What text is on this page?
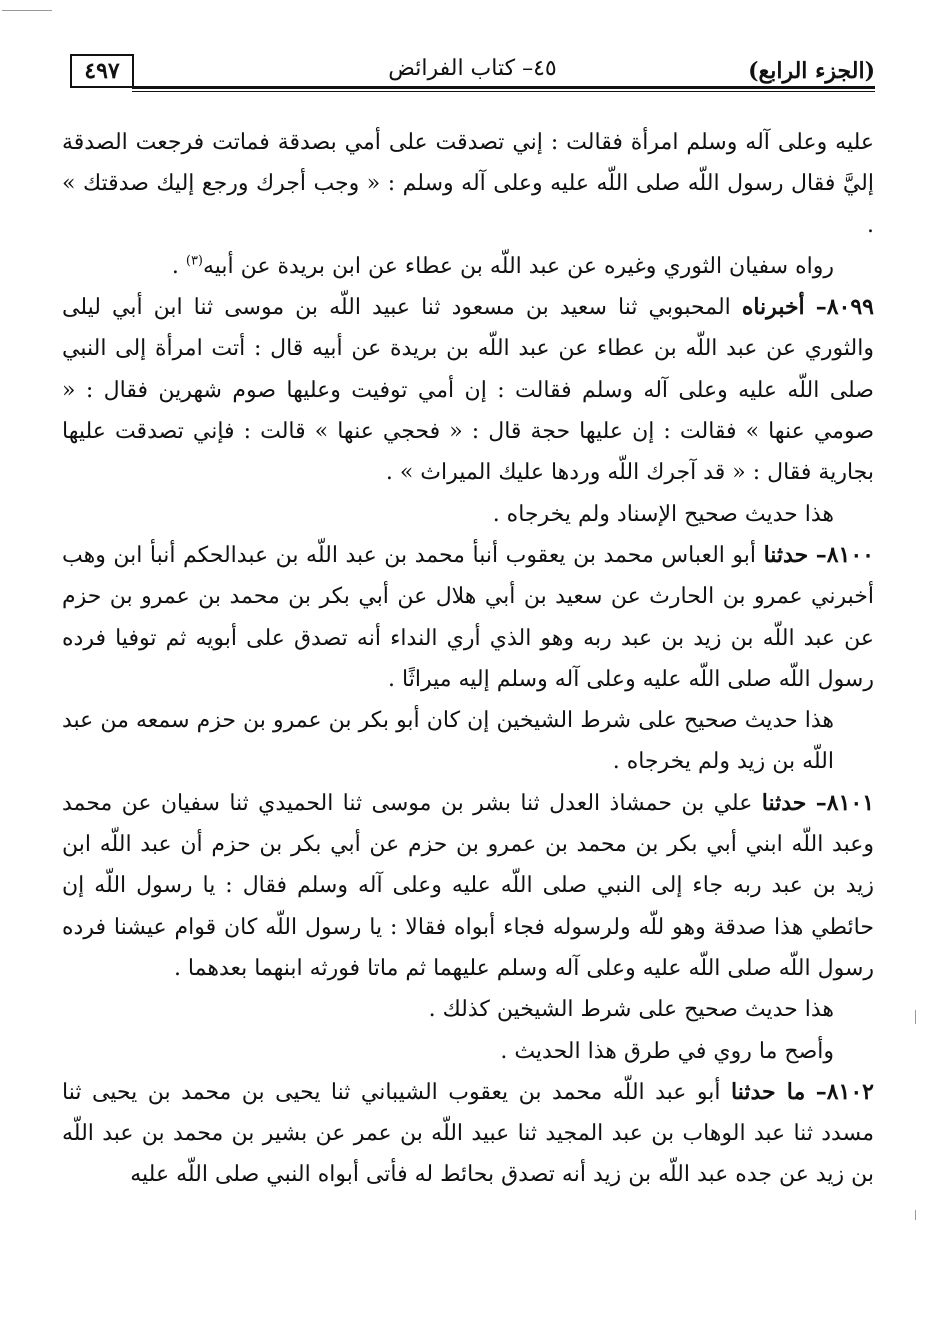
(الجزء الرابع)
٤٥– كتاب الفرائض
٤٩٧

عليه وعلى آله وسلم امرأة فقالت : إني تصدقت على أمي بصدقة فماتت فرجعت الصدقة إليَّ فقال رسول اللّه صلى اللّه عليه وعلى آله وسلم : « وجب أجرك ورجع إليك صدقتك » .

رواه سفيان الثوري وغيره عن عبد اللّه بن عطاء عن ابن بريدة عن أبيه$^{(٣)}$ .

٨٠٩٩– أخبرناه المحبوبي ثنا سعيد بن مسعود ثنا عبيد اللّه بن موسى ثنا ابن أبي ليلى والثوري عن عبد اللّه بن عطاء عن عبد اللّه بن بريدة عن أبيه قال : أتت امرأة إلى النبي صلى اللّه عليه وعلى آله وسلم فقالت : إن أمي توفيت وعليها صوم شهرين فقال : « صومي عنها » فقالت : إن عليها حجة قال : « فحجي عنها » قالت : فإني تصدقت عليها بجارية فقال : « قد آجرك اللّه وردها عليك الميراث » .

هذا حديث صحيح الإسناد ولم يخرجاه .

٨١٠٠– حدثنا أبو العباس محمد بن يعقوب أنبأ محمد بن عبد اللّه بن عبدالحكم أنبأ ابن وهب أخبرني عمرو بن الحارث عن سعيد بن أبي هلال عن أبي بكر بن محمد بن عمرو بن حزم عن عبد اللّه بن زيد بن عبد ربه وهو الذي أري النداء أنه تصدق على أبويه ثم توفيا فرده رسول اللّه صلى اللّه عليه وعلى آله وسلم إليه ميراثًا .

هذا حديث صحيح على شرط الشيخين إن كان أبو بكر بن عمرو بن حزم سمعه من عبد اللّه بن زيد ولم يخرجاه .

٨١٠١– حدثنا علي بن حمشاذ العدل ثنا بشر بن موسى ثنا الحميدي ثنا سفيان عن محمد وعبد اللّه ابني أبي بكر بن محمد بن عمرو بن حزم عن أبي بكر بن حزم أن عبد اللّه ابن زيد بن عبد ربه جاء إلى النبي صلى اللّه عليه وعلى آله وسلم فقال : يا رسول اللّه إن حائطي هذا صدقة وهو للّه ولرسوله فجاء أبواه فقالا : يا رسول اللّه كان قوام عيشنا فرده رسول اللّه صلى اللّه عليه وعلى آله وسلم عليهما ثم ماتا فورثه ابنهما بعدهما .

هذا حديث صحيح على شرط الشيخين كذلك .

وأصح ما روي في طرق هذا الحديث .

٨١٠٢– ما حدثنا أبو عبد اللّه محمد بن يعقوب الشيباني ثنا يحيى بن محمد بن يحيى ثنا مسدد ثنا عبد الوهاب بن عبد المجيد ثنا عبيد اللّه بن عمر عن بشير بن محمد بن عبد اللّه بن زيد عن جده عبد اللّه بن زيد أنه تصدق بحائط له فأتى أبواه النبي صلى اللّه عليه
